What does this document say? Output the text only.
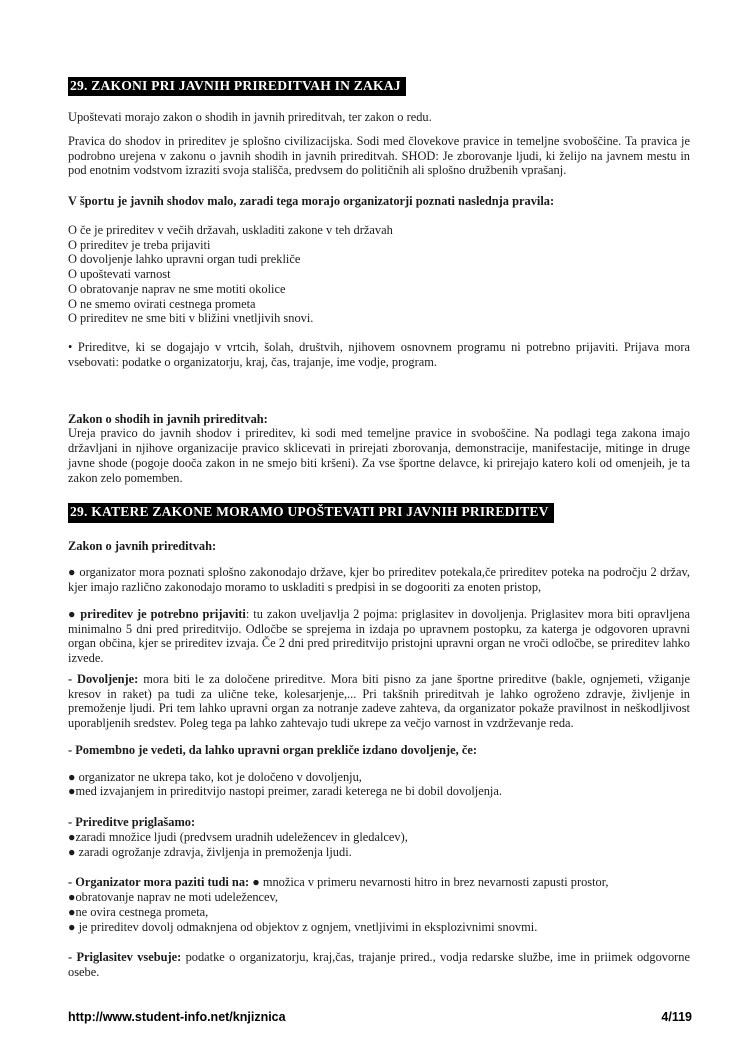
29. ZAKONI PRI JAVNIH PRIREDITVAH IN ZAKAJ

Upoštevati morajo zakon o shodih in javnih prireditvah, ter zakon o redu.

Pravica do shodov in prireditev je splošno civilizacijska. Sodi med človekove pravice in temeljne svoboščine. Ta pravica je podrobno urejena v zakonu o javnih shodih in javnih prireditvah. SHOD: Je zborovanje ljudi, ki želijo na javnem mestu in pod enotnim vodstvom izraziti svoja stališča, predvsem do političnih ali splošno družbenih vprašanj.

V športu je javnih shodov malo, zaradi tega morajo organizatorji poznati naslednja pravila:

O če je prireditev v večih državah, uskladiti zakone v teh državah
O prireditev je treba prijaviti
O dovoljenje lahko upravni organ tudi prekliče
O upoštevati varnost
O obratovanje naprav ne sme motiti okolice
O ne smemo ovirati cestnega prometa
O prireditev ne sme biti v bližini vnetljivih snovi.

• Prireditve, ki se dogajajo v vrtcih, šolah, društvih, njihovem osnovnem programu ni potrebno prijaviti. Prijava mora vsebovati: podatke o organizatorju, kraj, čas, trajanje, ime vodje, program.

Zakon o shodih in javnih prireditvah:
Ureja pravico do javnih shodov i prireditev, ki sodi med temeljne pravice in svoboščine. Na podlagi tega zakona imajo državljani in njihove organizacije pravico sklicevati in prirejati zborovanja, demonstracije, manifestacije, mitinge in druge javne shode (pogoje dooča zakon in ne smejo biti kršeni). Za vse športne delavce, ki prirejajo katero koli od omenjeih, je ta zakon zelo pomemben.
29. KATERE ZAKONE MORAMO UPOŠTEVATI PRI JAVNIH PRIREDITEV

Zakon o javnih prireditvah:

● organizator mora poznati splošno zakonodajo države, kjer bo prireditev potekala,če prireditev poteka na področju 2 držav, kjer imajo različno zakonodajo moramo to uskladiti s predpisi in se dogooriti za enoten pristop,

● prireditev je potrebno prijaviti: tu zakon uveljavlja 2 pojma: priglasitev in dovoljenja. Priglasitev mora biti opravljena minimalno 5 dni pred prireditvijo. Odločbe se sprejema in izdaja po upravnem postopku, za katerga je odgovoren upravni organ občina, kjer se prireditev izvaja. Če 2 dni pred prireditvijo pristojni upravni organ ne vroči odločbe, se prireditev lahko izvede.

- Dovoljenje: mora biti le za določene prireditve. Mora biti pisno za jane športne prireditve (bakle, ognjemeti, vžiganje kresov in raket) pa tudi za ulične teke, kolesarjenje,... Pri takšnih prireditvah je lahko ogroženo zdravje, življenje in premoženje ljudi. Pri tem lahko upravni organ za notranje zadeve zahteva, da organizator pokaže pravilnost in neškodljivost uporabljenih sredstev. Poleg tega pa lahko zahtevajo tudi ukrepe za večjo varnost in vzdrževanje reda.

- Pomembno je vedeti, da lahko upravni organ prekliče izdano dovoljenje, če:

● organizator ne ukrepa tako, kot je določeno v dovoljenju,
●med izvajanjem in prireditvijo nastopi preimer, zaradi keterega ne bi dobil dovoljenja.
- Prireditve priglašamo:
●zaradi množice ljudi (predvsem uradnih udeležencev in gledalcev),
● zaradi ogrožanje zdravja, življenja in premoženja ljudi.
- Organizator mora paziti tudi na: ● množica v primeru nevarnosti hitro in brez nevarnosti zapusti prostor,
●obratovanje naprav ne moti udeležencev,
●ne ovira cestnega prometa,
● je prireditev dovolj odmaknjena od objektov z ognjem, vnetljivimi in eksplozivnimi snovmi.

- Priglasitev vsebuje: podatke o organizatorju, kraj,čas, trajanje prired., vodja redarske službe, ime in priimek odgovorne osebe.

http://www.student-info.net/knjiznica	4/119
